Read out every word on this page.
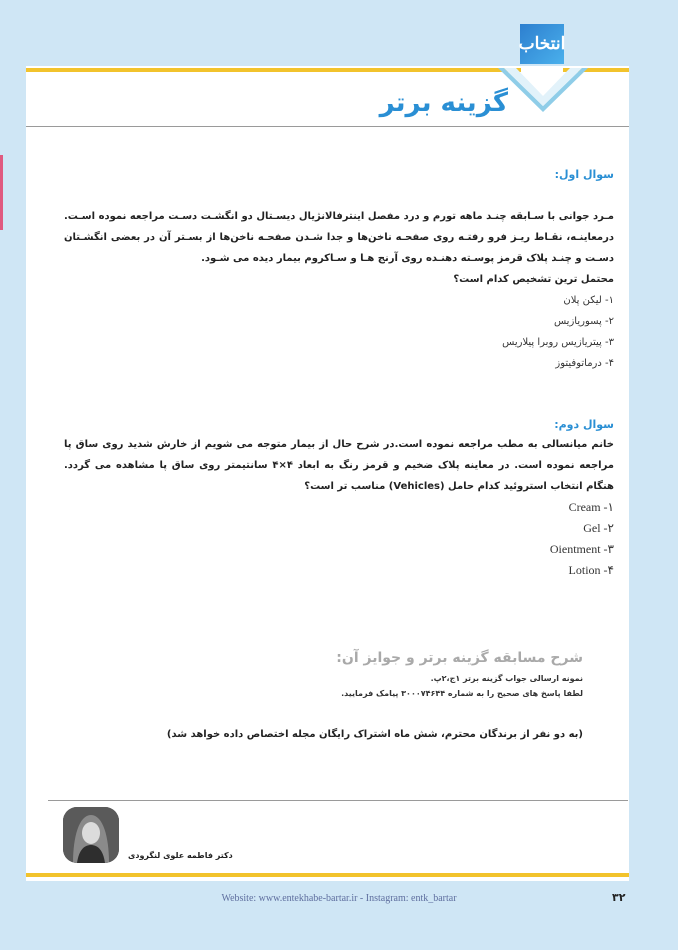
انتخاب
گزینه برتر
سوال اول:
مـرد جوانی با سـابقه چنـد ماهه تورم و درد مفصل اینترفالانژیال دیسـتال دو انگشـت دسـت مراجعه نموده اسـت. درمعاینـه، نقـاط ریـز فرو رفتـه روی صفحـه ناخن‌ها و جدا شـدن صفحـه ناخن‌ها از بسـتر آن در بعضی انگشـتان دسـت و چنـد پلاک قرمز پوسـته دهنـده روی آرنج هـا و سـاکروم بیمار دیده می شـود.
محتمل ترین تشخیص کدام است؟
۱- لیکن پلان
۲- پسوریازیس
۳- پیتریازیس روبرا پیلاریس
۴- درماتوفیتوز
سوال دوم:
خانم میانسالی به مطب مراجعه نموده است.در شرح حال از بیمار متوجه می شویم از خارش شدید روی ساق پا مراجعه نموده است. در معاینه پلاک ضخیم و قرمز رنگ به ابعاد ۴×۴ سانتیمتر روی ساق پا مشاهده می گردد. هنگام انتخاب استروئید کدام حامل (Vehicles) مناسب تر است؟
Cream -۱
Gel -۲
Oientment -۳
Lotion -۴
شرح مسابقه گزینه برتر و جوایز آن:
نمونه ارسالی جواب گزینه برتر ۱ج،۲پ.
لطفا پاسخ های صحیح را به شماره ۳۰۰۰۷۴۶۴۴ پیامک فرمایید.
(به دو نفر از برندگان محترم، شش ماه اشتراک رایگان مجله اختصاص داده خواهد شد)
دکتر فاطمه علوی لنگرودی
Website: www.entekhabe-bartar.ir - Instagram: entk_bartar	۳۲
